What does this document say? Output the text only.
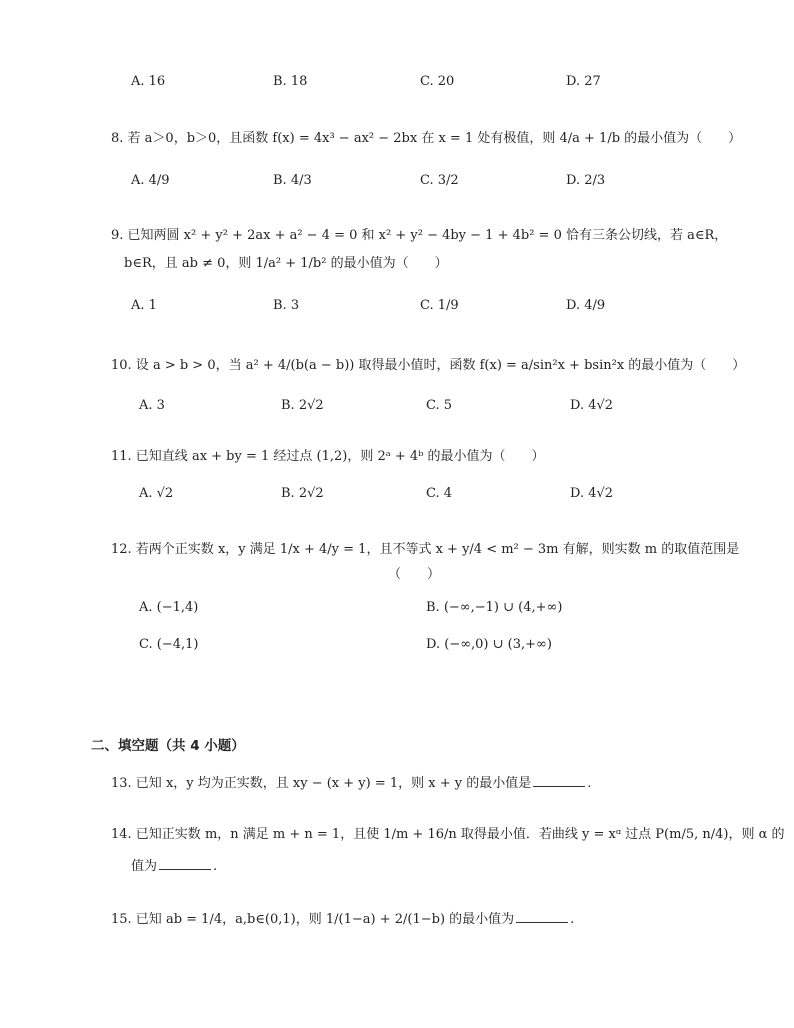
A. 16	B. 18	C. 20	D. 27
8. 若 a＞0，b＞0，且函数 f(x) = 4x³ − ax² − 2bx 在 x = 1 处有极值，则 4/a + 1/b 的最小值为（　　）
A. 4/9	B. 4/3	C. 3/2	D. 2/3
9. 已知两圆 x² + y² + 2ax + a² − 4 = 0 和 x² + y² − 4by − 1 + 4b² = 0 恰有三条公切线，若 a∈R，
b∈R，且 ab ≠ 0，则 1/a² + 1/b² 的最小值为（　　）
A. 1	B. 3	C. 1/9	D. 4/9
10. 设 a > b > 0，当 a² + 4/(b(a − b)) 取得最小值时，函数 f(x) = a/sin²x + bsin²x 的最小值为（　　）
A. 3	B. 2√2	C. 5	D. 4√2
11. 已知直线 ax + by = 1 经过点 (1,2)，则 2ᵃ + 4ᵇ 的最小值为（　　）
A. √2	B. 2√2	C. 4	D. 4√2
12. 若两个正实数 x，y 满足 1/x + 4/y = 1，且不等式 x + y/4 < m² − 3m 有解，则实数 m 的取值范围是
（　　）
A. (−1,4)	B. (−∞,−1) ∪ (4,+∞)
C. (−4,1)	D. (−∞,0) ∪ (3,+∞)
二、填空题（共 4 小题）
13. 已知 x，y 均为正实数，且 xy − (x + y) = 1，则 x + y 的最小值是	.
14. 已知正实数 m，n 满足 m + n = 1，且使 1/m + 16/n 取得最小值．若曲线 y = xᵅ 过点 P(m/5, n/4)，则 α 的
值为	.
15. 已知 ab = 1/4，a,b∈(0,1)，则 1/(1−a) + 2/(1−b) 的最小值为	.
